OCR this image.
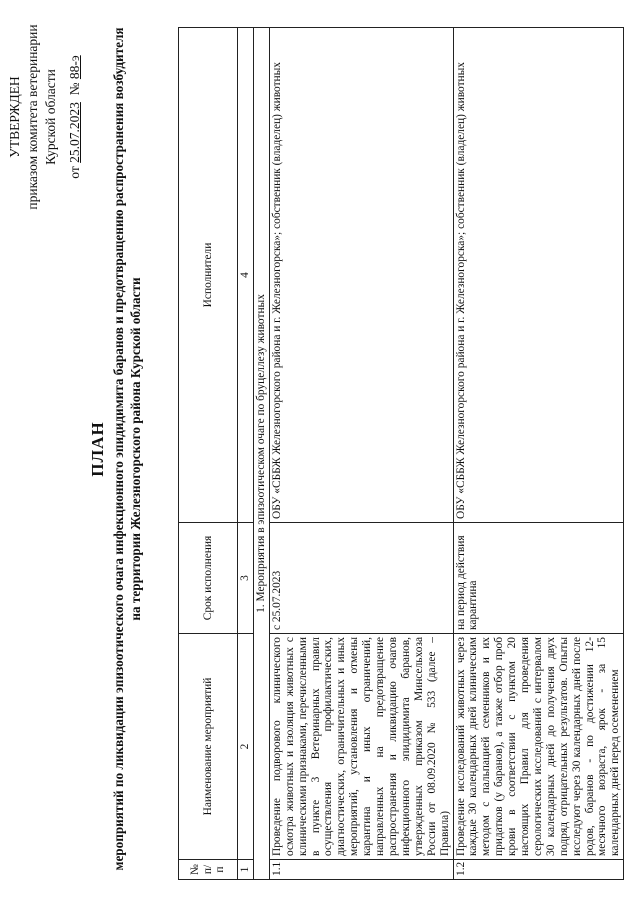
УТВЕРЖДЕН приказом комитета ветеринарии Курской области
от 25.07.2023  № 88-э
ПЛАН мероприятий по ликвидации эпизоотического очага инфекционного эпидидимита баранов и предотвращению распространения возбудителя на территории Железногорского района Курской области
№ п/п	Наименование мероприятий	Срок исполнения	Исполнители
1	2	3	4
1. Мероприятия в эпизоотическом очаге по бруцеллезу животных			
1.1	Проведение подворового клинического осмотра животных и изоляция животных с клиническими признаками, перечисленными в пункте 3 Ветеринарных правил осуществления профилактических, диагностических, ограничительных и иных мероприятий, установления и отмены карантина и иных ограничений, направленных на предотвращение распространения и ликвидацию очагов инфекционного эпидидимита баранов, утвержденных приказом Минсельхоза России от 08.09.2020 № 533 (далее – Правила)	с 25.07.2023	ОБУ «СББЖ Железногорского района и г. Железногорска»; собственник (владелец) животных
1.2	Проведение исследований животных через каждые 30 календарных дней клиническим методом с пальпацией семенников и их придатков (у баранов), а также отбор проб крови в соответствии с пунктом 20 настоящих Правил для проведения серологических исследований с интервалом 30 календарных дней до получения двух подряд отрицательных результатов. Опыты исследуют через 30 календарных дней после родов, баранов - по достижении 12-месячного возраста, ярок - за 15 календарных дней перед осеменением	на период действия карантина	ОБУ «СББЖ Железногорского района и г. Железногорска»; собственник (владелец) животных
